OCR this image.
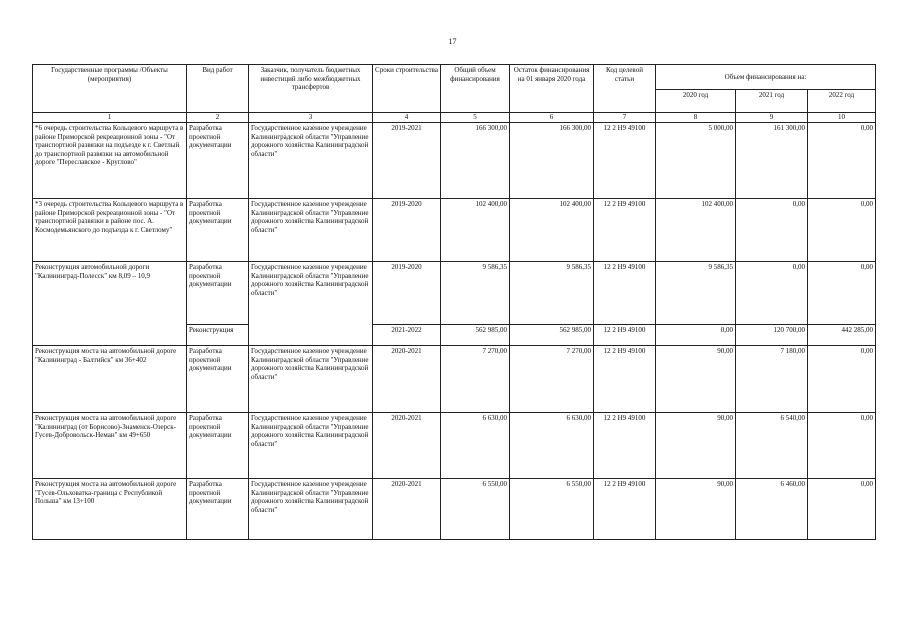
17
Государственные программы /Объекты (мероприятия)	Вид работ	Заказчик, получатель бюджетных инвестиций либо межбюджетных трансфертов	Сроки строительства	Общий объем финансирования	Остаток финансирования на 01 января 2020 года	Код целевой статьи	Объем финансирования на:		
							2020 год	2021 год	2022 год
1	2	3	4	5	6	7	8	9	10
*6 очередь строительства Кольцевого маршрута в районе Приморской рекреационной зоны - "От транспортной развязки на подъезде к г. Светлый до транспортной развязки на автомобильной дороге "Переславское - Круглово"	Разработка проектной документации	Государственное казенное учреждение Калининградской области "Управление дорожного хозяйства Калининградской области"	2019-2021	166 300,00	166 300,00	12 2 Н9 49100	5 000,00	161 300,00	0,00
*3 очередь строительства Кольцевого маршрута в районе Приморской рекреационной зоны - "От транспортной развязки в районе пос. А. Космодемьянского до подъезда к г. Светлому"	Разработка проектной документации	Государственное казенное учреждение Калининградской области "Управление дорожного хозяйства Калининградской области"	2019-2020	102 400,00	102 400,00	12 2 Н9 49100	102 400,00	0,00	0,00
Реконструкция автомобильной дороги "Калининград-Полесск" км 8,09 – 10,9	Разработка проектной документации	Государственное казенное учреждение Калининградской области "Управление дорожного хозяйства Калининградской области"	2019-2020	9 586,35	9 586,35	12 2 Н9 49100	9 586,35	0,00	0,00
	Реконструкция		2021-2022	562 985,00	562 985,00	12 2 Н9 49100	0,00	120 700,00	442 285,00
Реконструкция моста на автомобильной дороге "Калининград - Балтийск" км 36+402	Разработка проектной документации	Государственное казенное учреждение Калининградской области "Управление дорожного хозяйства Калининградской области"	2020-2021	7 270,00	7 270,00	12 2 Н9 49100	90,00	7 180,00	0,00
Реконструкция моста на автомобильной дороге "Калининград (от Борисово)-Знаменск-Озерск-Гусев-Добровольск-Неман" км 49+650	Разработка проектной документации	Государственное казенное учреждение Калининградской области "Управление дорожного хозяйства Калининградской области"	2020-2021	6 630,00	6 630,00	12 2 Н9 49100	90,00	6 540,00	0,00
Реконструкция моста на автомобильной дороге "Гусев-Ольховатка-граница с Республикой Польша" км 13+100	Разработка проектной документации	Государственное казенное учреждение Калининградской области "Управление дорожного хозяйства Калининградской области"	2020-2021	6 550,00	6 550,00	12 2 Н9 49100	90,00	6 460,00	0,00
